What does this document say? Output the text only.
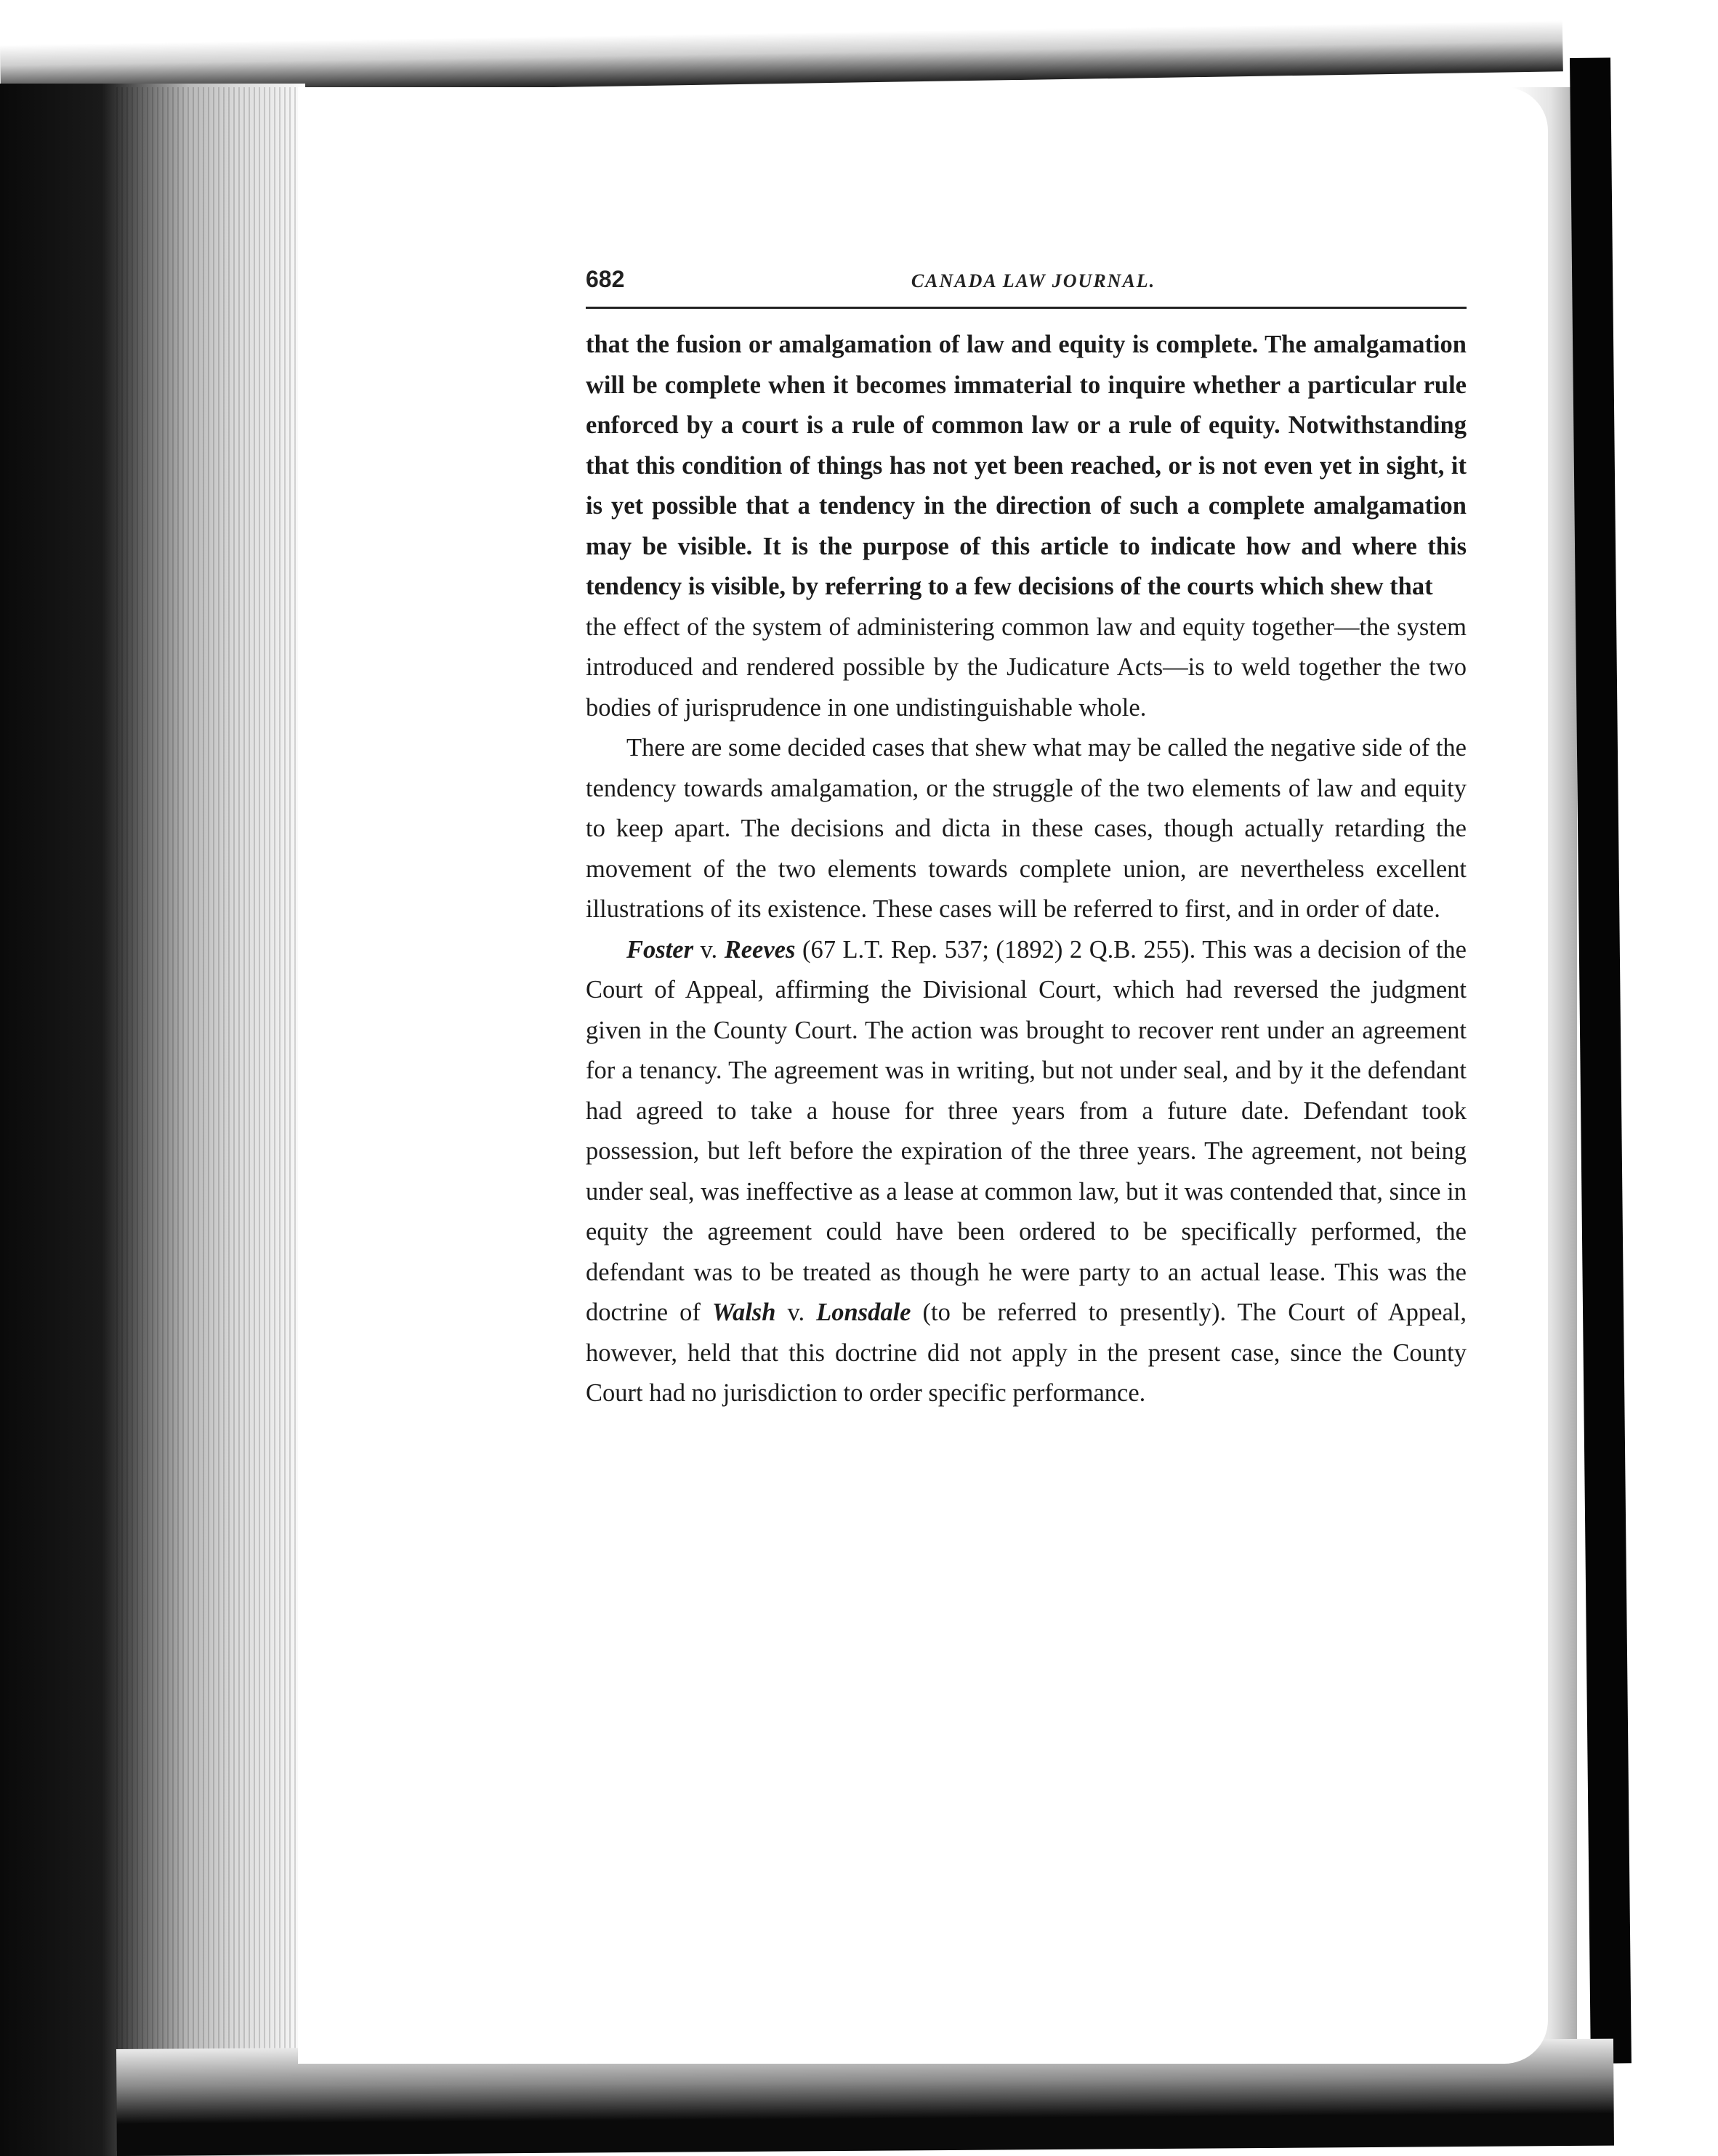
682	CANADA LAW JOURNAL.

that the fusion or amalgamation of law and equity is complete. The amalgamation will be complete when it becomes immaterial to inquire whether a particular rule enforced by a court is a rule of common law or a rule of equity. Notwithstanding that this condition of things has not yet been reached, or is not even yet in sight, it is yet possible that a tendency in the direction of such a complete amalgamation may be visible. It is the purpose of this article to indicate how and where this tendency is visible, by referring to a few decisions of the courts which shew that

the effect of the system of administering common law and equity together—the system introduced and rendered possible by the Judicature Acts—is to weld together the two bodies of jurisprudence in one undistinguishable whole.

There are some decided cases that shew what may be called the negative side of the tendency towards amalgamation, or the struggle of the two elements of law and equity to keep apart. The decisions and dicta in these cases, though actually retarding the movement of the two elements towards complete union, are nevertheless excellent illustrations of its existence. These cases will be referred to first, and in order of date.

Foster v. Reeves (67 L.T. Rep. 537; (1892) 2 Q.B. 255). This was a decision of the Court of Appeal, affirming the Divisional Court, which had reversed the judgment given in the County Court. The action was brought to recover rent under an agreement for a tenancy. The agreement was in writing, but not under seal, and by it the defendant had agreed to take a house for three years from a future date. Defendant took possession, but left before the expiration of the three years. The agreement, not being under seal, was ineffective as a lease at common law, but it was contended that, since in equity the agreement could have been ordered to be specifically performed, the defendant was to be treated as though he were party to an actual lease. This was the doctrine of Walsh v. Lonsdale (to be referred to presently). The Court of Appeal, however, held that this doctrine did not apply in the present case, since the County Court had no jurisdiction to order specific performance.
